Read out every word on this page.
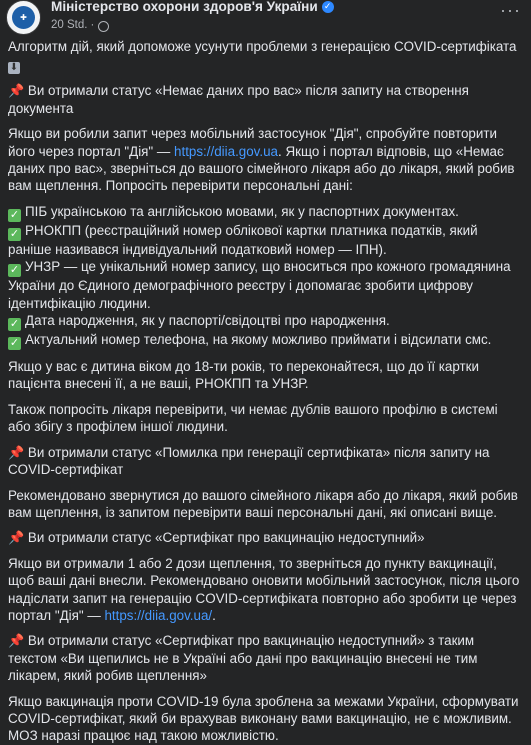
✚
Міністерство охорони здоров'я України ✓
20 Std. ·
···

Алгоритм дій, який допоможе усунути проблеми з генерацією COVID-сертифіката ⬇

📌 Ви отримали статус «Немає даних про вас» після запиту на створення документа

Якщо ви робили запит через мобільний застосунок "Дія", спробуйте повторити його через портал "Дія" — https://diia.gov.ua. Якщо і портал відповів, що «Немає даних про вас», зверніться до вашого сімейного лікаря або до лікаря, який робив вам щеплення. Попросіть перевірити персональні дані:

✓ ПІБ українською та англійською мовами, як у паспортних документах.
✓ РНОКПП (реєстраційний номер облікової картки платника податків, який раніше називався індивідуальний податковий номер — ІПН).
✓ УНЗР — це унікальний номер запису, що вноситься про кожного громадянина України до Єдиного демографічного реєстру і допомагає зробити цифрову ідентифікацію людини.
✓ Дата народження, як у паспорті/свідоцтві про народження.
✓ Актуальний номер телефона, на якому можливо приймати і відсилати смс.

Якщо у вас є дитина віком до 18-ти років, то переконайтеся, що до її картки пацієнта внесені її, а не ваші, РНОКПП та УНЗР.

Також попросіть лікаря перевірити, чи немає дублів вашого профілю в системі або збігу з профілем іншої людини.

📌 Ви отримали статус «Помилка при генерації сертифіката» після запиту на COVID-сертифікат

Рекомендовано звернутися до вашого сімейного лікаря або до лікаря, який робив вам щеплення, із запитом перевірити ваші персональні дані, які описані вище.

📌 Ви отримали статус «Сертифікат про вакцинацію недоступний»

Якщо ви отримали 1 або 2 дози щеплення, то зверніться до пункту вакцинації, щоб ваші дані внесли. Рекомендовано оновити мобільний застосунок, після цього надіслати запит на генерацію COVID-сертифіката повторно або зробити це через портал "Дія" — https://diia.gov.ua/.

📌 Ви отримали статус «Сертифікат про вакцинацію недоступний» з таким текстом «Ви щепились не в Україні або дані про вакцинацію внесені не тим лікарем, який робив щеплення»

Якщо вакцинація проти COVID-19 була зроблена за межами України, сформувати COVID-сертифікат, який би врахував виконану вами вакцинацію, не є можливим. МОЗ наразі працює над такою можливістю.
